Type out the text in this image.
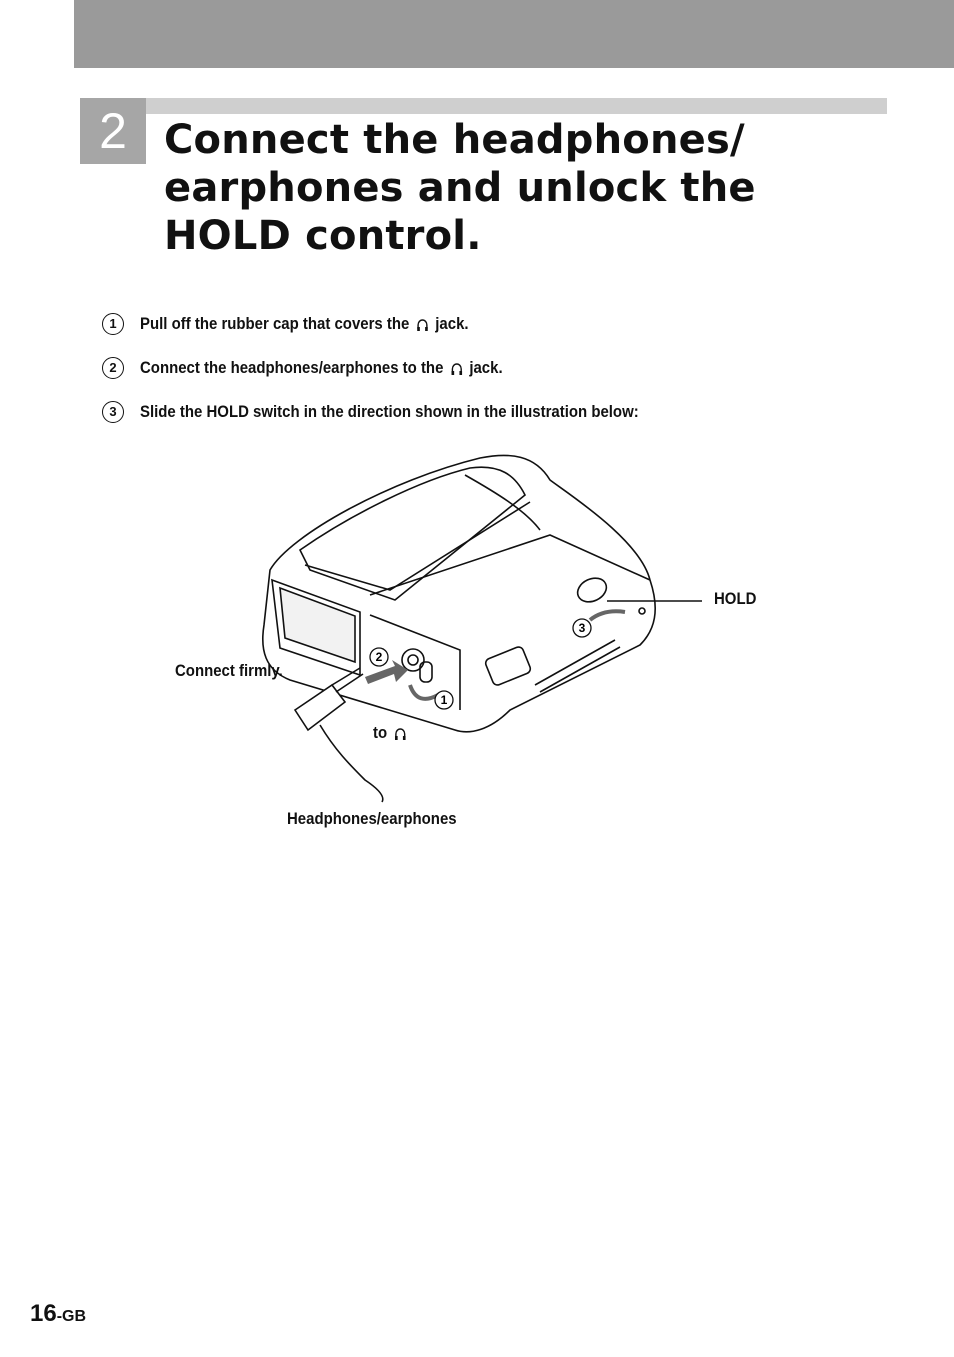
2 Connect the headphones/ earphones and unlock the HOLD control.
1	Pull off the rubber cap that covers the jack.
2	Connect the headphones/earphones to the jack.
3	Slide the HOLD switch in the direction shown in the illustration below:
1
2
3
HOLD
Connect firmly.
to
Headphones/earphones
16-GB
